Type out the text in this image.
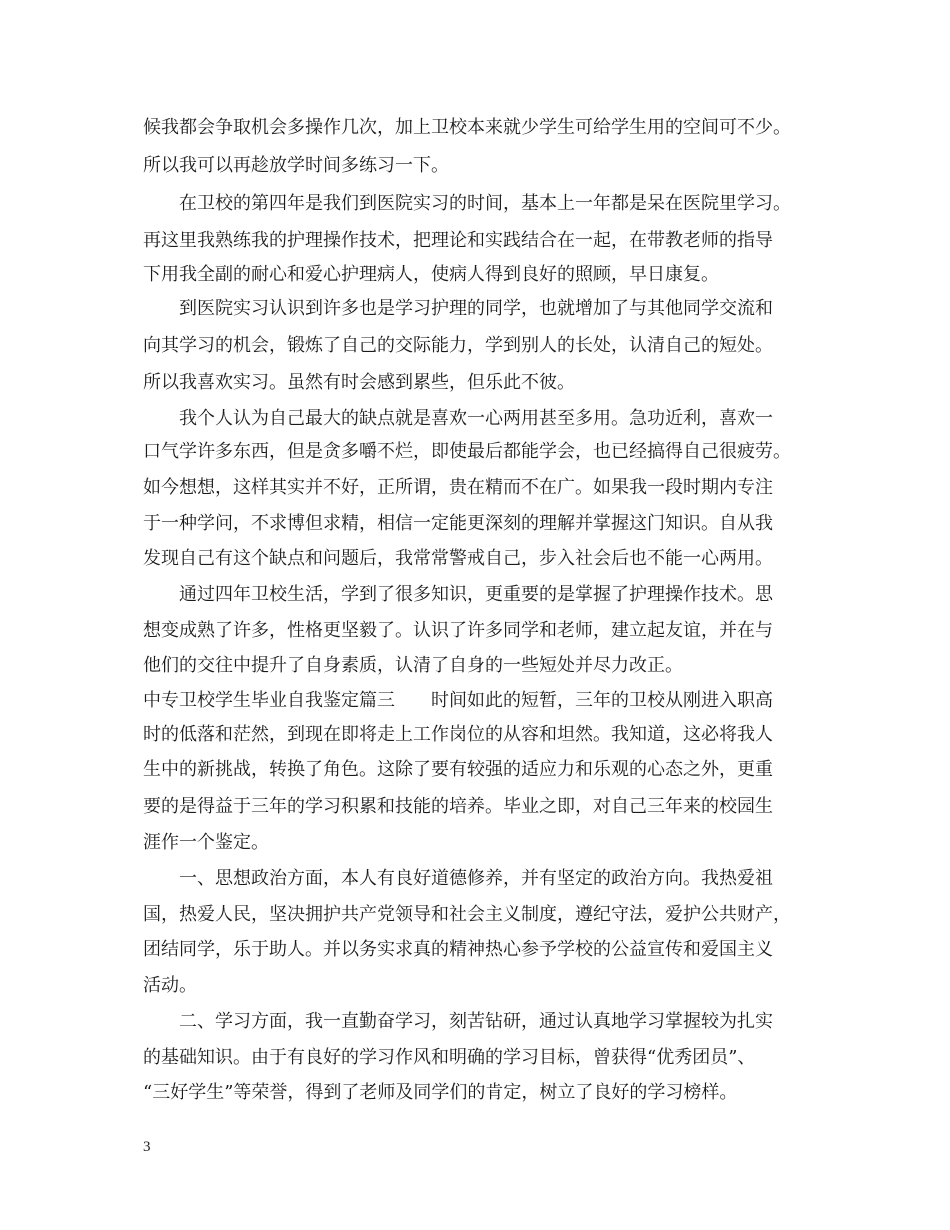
候我都会争取机会多操作几次，加上卫校本来就少学生可给学生用的空间可不少。
所以我可以再趁放学时间多练习一下。
　　在卫校的第四年是我们到医院实习的时间，基本上一年都是呆在医院里学习。
再这里我熟练我的护理操作技术，把理论和实践结合在一起，在带教老师的指导
下用我全副的耐心和爱心护理病人，使病人得到良好的照顾，早日康复。
　　到医院实习认识到许多也是学习护理的同学，也就增加了与其他同学交流和
向其学习的机会，锻炼了自己的交际能力，学到别人的长处，认清自己的短处。
所以我喜欢实习。虽然有时会感到累些，但乐此不彼。
　　我个人认为自己最大的缺点就是喜欢一心两用甚至多用。急功近利，喜欢一
口气学许多东西，但是贪多嚼不烂，即使最后都能学会，也已经搞得自己很疲劳。
如今想想，这样其实并不好，正所谓，贵在精而不在广。如果我一段时期内专注
于一种学问，不求博但求精，相信一定能更深刻的理解并掌握这门知识。自从我
发现自己有这个缺点和问题后，我常常警戒自己，步入社会后也不能一心两用。
　　通过四年卫校生活，学到了很多知识，更重要的是掌握了护理操作技术。思
想变成熟了许多，性格更坚毅了。认识了许多同学和老师，建立起友谊，并在与
他们的交往中提升了自身素质，认清了自身的一些短处并尽力改正。
中专卫校学生毕业自我鉴定篇三　　时间如此的短暂，三年的卫校从刚进入职高
时的低落和茫然，到现在即将走上工作岗位的从容和坦然。我知道，这必将我人
生中的新挑战，转换了角色。这除了要有较强的适应力和乐观的心态之外，更重
要的是得益于三年的学习积累和技能的培养。毕业之即，对自己三年来的校园生
涯作一个鉴定。
　　一、思想政治方面，本人有良好道德修养，并有坚定的政治方向。我热爱祖
国，热爱人民，坚决拥护共产党领导和社会主义制度，遵纪守法，爱护公共财产，
团结同学，乐于助人。并以务实求真的精神热心参予学校的公益宣传和爱国主义
活动。
　　二、学习方面，我一直勤奋学习，刻苦钻研，通过认真地学习掌握较为扎实
的基础知识。由于有良好的学习作风和明确的学习目标，曾获得“优秀团员”、
“三好学生”等荣誉，得到了老师及同学们的肯定，树立了良好的学习榜样。
3
